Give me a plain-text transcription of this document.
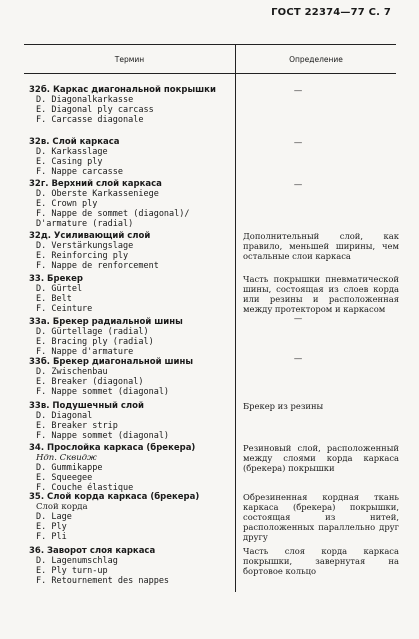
ГОСТ 22374—77 С. 7
Термин	Определение
32б. Каркас диагональной покрышки
D. Diagonalkarkasse
E. Diagonal ply carcass
F. Carcasse diagonale
—
32в. Слой каркаса
D. Karkasslage
E. Casing ply
F. Nappe carcasse
—
32г. Верхний слой каркаса
D. Oberste Karkasseniege
E. Crown ply
F. Nappe de sommet (diagonal)/ D'armature (radial)
—
32д. Усиливающий слой
D. Verstärkungslage
E. Reinforcing ply
F. Nappe de renforcement
Дополнительный слой, как правило, меньшей ширины, чем остальные слои каркаса
33. Брекер
D. Gürtel
E. Belt
F. Ceinture
Часть покрышки пневматической шины, состоящая из слоев корда или резины и расположенная между протектором и каркасом
33а. Брекер радиальной шины
D. Gürtellage (radial)
E. Bracing ply (radial)
F. Nappe d'armature
—
33б. Брекер диагональной шины
D. Zwischenbau
E. Breaker (diagonal)
F. Nappe sommet (diagonal)
—
33в. Подушечный слой
D. Diagonal
E. Breaker strip
F. Nappe sommet (diagonal)
Брекер из резины
34. Прослойка каркаса (брекера)
Ндп. Сквидж
D. Gummikappe
E. Squeegee
F. Couche élastique
Резиновый слой, расположенный между слоями корда каркаса (брекера) покрышки
35. Слой корда каркаса (брекера)
Слой корда
D. Lage
E. Ply
F. Pli
Обрезиненная кордная ткань каркаса (брекера) покрышки, состоящая из нитей, расположенных параллельно друг другу
36. Заворот слоя каркаса
D. Lagenumschlag
E. Ply turn-up
F. Retournement des nappes
Часть слоя корда каркаса покрышки, завернутая на бортовое кольцо
